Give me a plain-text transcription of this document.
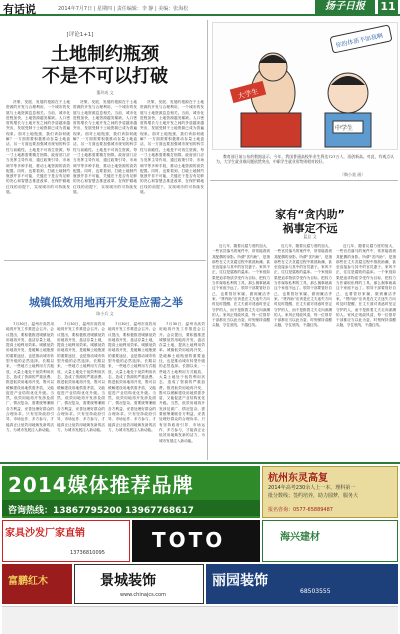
有话说	2014年7月7日 | 星期四 | 责任编辑：李 静 | 美编：张海松	扬子日报	11
[评论1+1]
土地制约瓶颈
不是不可以打破
董玲成 文

决策、发展、发展的根源在于土地资源的开发与合理利用，一个城市的发展与土地资源息息相关。当前，城市化进程加快，土地资源越发稀缺。人口密度的增长与土地开发之间的矛盾越来越突出，发展受制于土地资源已成为普遍现象。面对土地瓶颈，我们该如何破解？一方面需要积极推动存量土地盘活，另一方面也要加强城市规划的科学性与前瞻性。土地是不可再生资源，每一寸土地都需要精打细算。政府部门应当发挥主导作用，通过政策引导、市场调节等多种手段，推动土地资源的高效配置。同时，也要看到，打破土地制约瓶颈并非不可能，关键在于是否有足够的决心和智慧去推进改革，在保护耕地红线的前提下，实现城市的可持续发展。

决策、发展、发展的根源在于土地资源的开发与合理利用，一个城市的发展与土地资源息息相关。当前，城市化进程加快，土地资源越发稀缺。人口密度的增长与土地开发之间的矛盾越来越突出，发展受制于土地资源已成为普遍现象。面对土地瓶颈，我们该如何破解？一方面需要积极推动存量土地盘活，另一方面也要加强城市规划的科学性与前瞻性。土地是不可再生资源，每一寸土地都需要精打细算。政府部门应当发挥主导作用，通过政策引导、市场调节等多种手段，推动土地资源的高效配置。同时，也要看到，打破土地制约瓶颈并非不可能，关键在于是否有足够的决心和智慧去推进改革，在保护耕地红线的前提下，实现城市的可持续发展。

决策、发展、发展的根源在于土地资源的开发与合理利用，一个城市的发展与土地资源息息相关。当前，城市化进程加快，土地资源越发稀缺。人口密度的增长与土地开发之间的矛盾越来越突出，发展受制于土地资源已成为普遍现象。面对土地瓶颈，我们该如何破解？一方面需要积极推动存量土地盘活，另一方面也要加强城市规划的科学性与前瞻性。土地是不可再生资源，每一寸土地都需要精打细算。政府部门应当发挥主导作用，通过政策引导、市场调节等多种手段，推动土地资源的高效配置。同时，也要看到，打破土地制约瓶颈并非不可能，关键在于是否有足够的决心和智慧去推进改革，在保护耕地红线的前提下，实现城市的可持续发展。

城镇低效用地再开发是应需之举
陈小兵 文

7月30日，温州市高效用地再开发工作推进会召开。会议提出，要积极推进城镇低效用地再开发，盘活存量土地，提高土地利用效率。城镇低效用地再开发，是破解土地瓶颈的重要途径，也是推动城市转型升级的必然选择。长期以来，一些地方土地利用方式粗放，大量土地处于低效利用状态，造成了资源的严重浪费。推进低效用地再开发，既可以缓解建设用地供需矛盾，又能促进产业结构优化升级。当然，低效用地再开发涉及面广、情况复杂，需要统筹兼顾各方利益，妥善处理好群众的合理诉求。只有坚持政府引导、市场运作、多方参与，才能真正让低效用地焕发新的活力，为城市发展注入新动能。

7月30日，温州市高效用地再开发工作推进会召开。会议提出，要积极推进城镇低效用地再开发，盘活存量土地，提高土地利用效率。城镇低效用地再开发，是破解土地瓶颈的重要途径，也是推动城市转型升级的必然选择。长期以来，一些地方土地利用方式粗放，大量土地处于低效利用状态，造成了资源的严重浪费。推进低效用地再开发，既可以缓解建设用地供需矛盾，又能促进产业结构优化升级。当然，低效用地再开发涉及面广、情况复杂，需要统筹兼顾各方利益，妥善处理好群众的合理诉求。只有坚持政府引导、市场运作、多方参与，才能真正让低效用地焕发新的活力，为城市发展注入新动能。

7月30日，温州市高效用地再开发工作推进会召开。会议提出，要积极推进城镇低效用地再开发，盘活存量土地，提高土地利用效率。城镇低效用地再开发，是破解土地瓶颈的重要途径，也是推动城市转型升级的必然选择。长期以来，一些地方土地利用方式粗放，大量土地处于低效利用状态，造成了资源的严重浪费。推进低效用地再开发，既可以缓解建设用地供需矛盾，又能促进产业结构优化升级。当然，低效用地再开发涉及面广、情况复杂，需要统筹兼顾各方利益，妥善处理好群众的合理诉求。只有坚持政府引导、市场运作、多方参与，才能真正让低效用地焕发新的活力，为城市发展注入新动能。

7月30日，温州市高效用地再开发工作推进会召开。会议提出，要积极推进城镇低效用地再开发，盘活存量土地，提高土地利用效率。城镇低效用地再开发，是破解土地瓶颈的重要途径，也是推动城市转型升级的必然选择。长期以来，一些地方土地利用方式粗放，大量土地处于低效利用状态，造成了资源的严重浪费。推进低效用地再开发，既可以缓解建设用地供需矛盾，又能促进产业结构优化升级。当然，低效用地再开发涉及面广、情况复杂，需要统筹兼顾各方利益，妥善处理好群众的合理诉求。只有坚持政府引导、市场运作、多方参与，才能真正让低效用地焕发新的活力，为城市发展注入新动能。

大学生
中学生
你的体质不如我啊

教育部日前公布的数据显示，今年，我国普通高校毕业生将达727万人，再创新高。对此，有观点认为，大学生就业难问题依然突出，中职学生就业形势则相对较好。

（陶小莫 画）
家有“贪内助”
祸事定不远
蓝总 文

近几年，随着反腐力度的加大，一些官员落马的案件中，常常能看到其配偶的身影。所谓“贪内助”，是指那些在丈夫贪腐过程中推波助澜、甚至直接参与其中的官员妻子。家风不正，往往是腐败的温床。一个家庭如果把追求物质享受作为目标，把权力当作谋取私利的工具，那么祸事就离这个家庭不远了。领导干部要管好自己，也要管好家属，做到廉洁齐家。“贤内助”应该是在丈夫迷失方向时及时提醒、在丈夫面对诱惑时坚定守护的人，而不是推着丈夫走向深渊的人。家风正则政风清，每一位领导干部都应当以此为鉴，时刻保持清醒头脑，守住底线，不越红线。

近几年，随着反腐力度的加大，一些官员落马的案件中，常常能看到其配偶的身影。所谓“贪内助”，是指那些在丈夫贪腐过程中推波助澜、甚至直接参与其中的官员妻子。家风不正，往往是腐败的温床。一个家庭如果把追求物质享受作为目标，把权力当作谋取私利的工具，那么祸事就离这个家庭不远了。领导干部要管好自己，也要管好家属，做到廉洁齐家。“贤内助”应该是在丈夫迷失方向时及时提醒、在丈夫面对诱惑时坚定守护的人，而不是推着丈夫走向深渊的人。家风正则政风清，每一位领导干部都应当以此为鉴，时刻保持清醒头脑，守住底线，不越红线。

近几年，随着反腐力度的加大，一些官员落马的案件中，常常能看到其配偶的身影。所谓“贪内助”，是指那些在丈夫贪腐过程中推波助澜、甚至直接参与其中的官员妻子。家风不正，往往是腐败的温床。一个家庭如果把追求物质享受作为目标，把权力当作谋取私利的工具，那么祸事就离这个家庭不远了。领导干部要管好自己，也要管好家属，做到廉洁齐家。“贤内助”应该是在丈夫迷失方向时及时提醒、在丈夫面对诱惑时坚定守护的人，而不是推着丈夫走向深渊的人。家风正则政风清，每一位领导干部都应当以此为鉴，时刻保持清醒头脑，守住底线，不越红线。

2014媒体推荐品牌
咨询热线：13867795200 13967768617
杭州东灵高复
2014年高考230余人上一本、理科第一
批分数线；签约培养，助力圆梦，服务大
报名咨询：0577-65889487
家具沙发厂家直销
13736810095
TOTO	海兴建材
富鹏红木	景城装饰
www.chinajcs.com
丽园装饰
68503555
